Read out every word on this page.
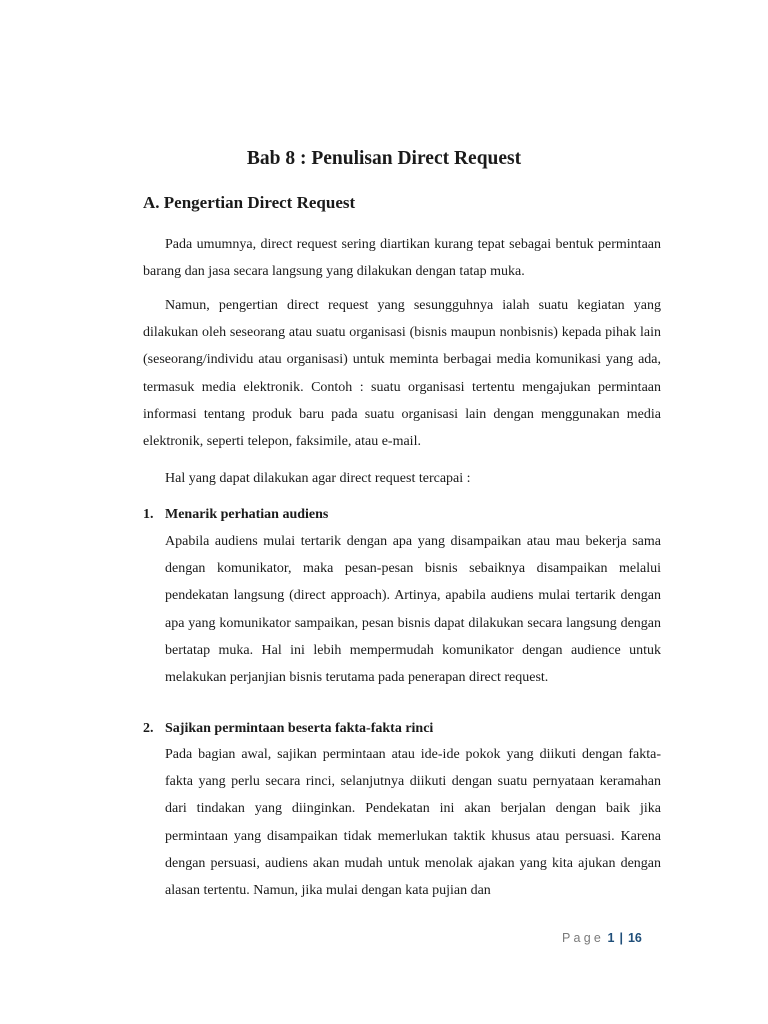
Bab 8 : Penulisan Direct Request
A. Pengertian Direct Request
Pada umumnya, direct request sering diartikan kurang tepat sebagai bentuk permintaan barang dan jasa secara langsung yang dilakukan dengan tatap muka.
Namun, pengertian direct request yang sesungguhnya ialah suatu kegiatan yang dilakukan oleh seseorang atau suatu organisasi (bisnis maupun nonbisnis) kepada pihak lain (seseorang/individu atau organisasi) untuk meminta berbagai media komunikasi yang ada, termasuk media elektronik. Contoh : suatu organisasi tertentu mengajukan permintaan informasi tentang produk baru pada suatu organisasi lain dengan menggunakan media elektronik, seperti telepon, faksimile, atau e-mail.
Hal yang dapat dilakukan agar direct request tercapai :
1. Menarik perhatian audiens
Apabila audiens mulai tertarik dengan apa yang disampaikan atau mau bekerja sama dengan komunikator, maka pesan-pesan bisnis sebaiknya disampaikan melalui pendekatan langsung (direct approach). Artinya, apabila audiens mulai tertarik dengan apa yang komunikator sampaikan, pesan bisnis dapat dilakukan secara langsung dengan bertatap muka. Hal ini lebih mempermudah komunikator dengan audience untuk melakukan perjanjian bisnis terutama pada penerapan direct request.
2. Sajikan permintaan beserta fakta-fakta rinci
Pada bagian awal, sajikan permintaan atau ide-ide pokok yang diikuti dengan fakta-fakta yang perlu secara rinci, selanjutnya diikuti dengan suatu pernyataan keramahan dari tindakan yang diinginkan. Pendekatan ini akan berjalan dengan baik jika permintaan yang disampaikan tidak memerlukan taktik khusus atau persuasi. Karena dengan persuasi, audiens akan mudah untuk menolak ajakan yang kita ajukan dengan alasan tertentu. Namun, jika mulai dengan kata pujian dan
Page 1 | 16
